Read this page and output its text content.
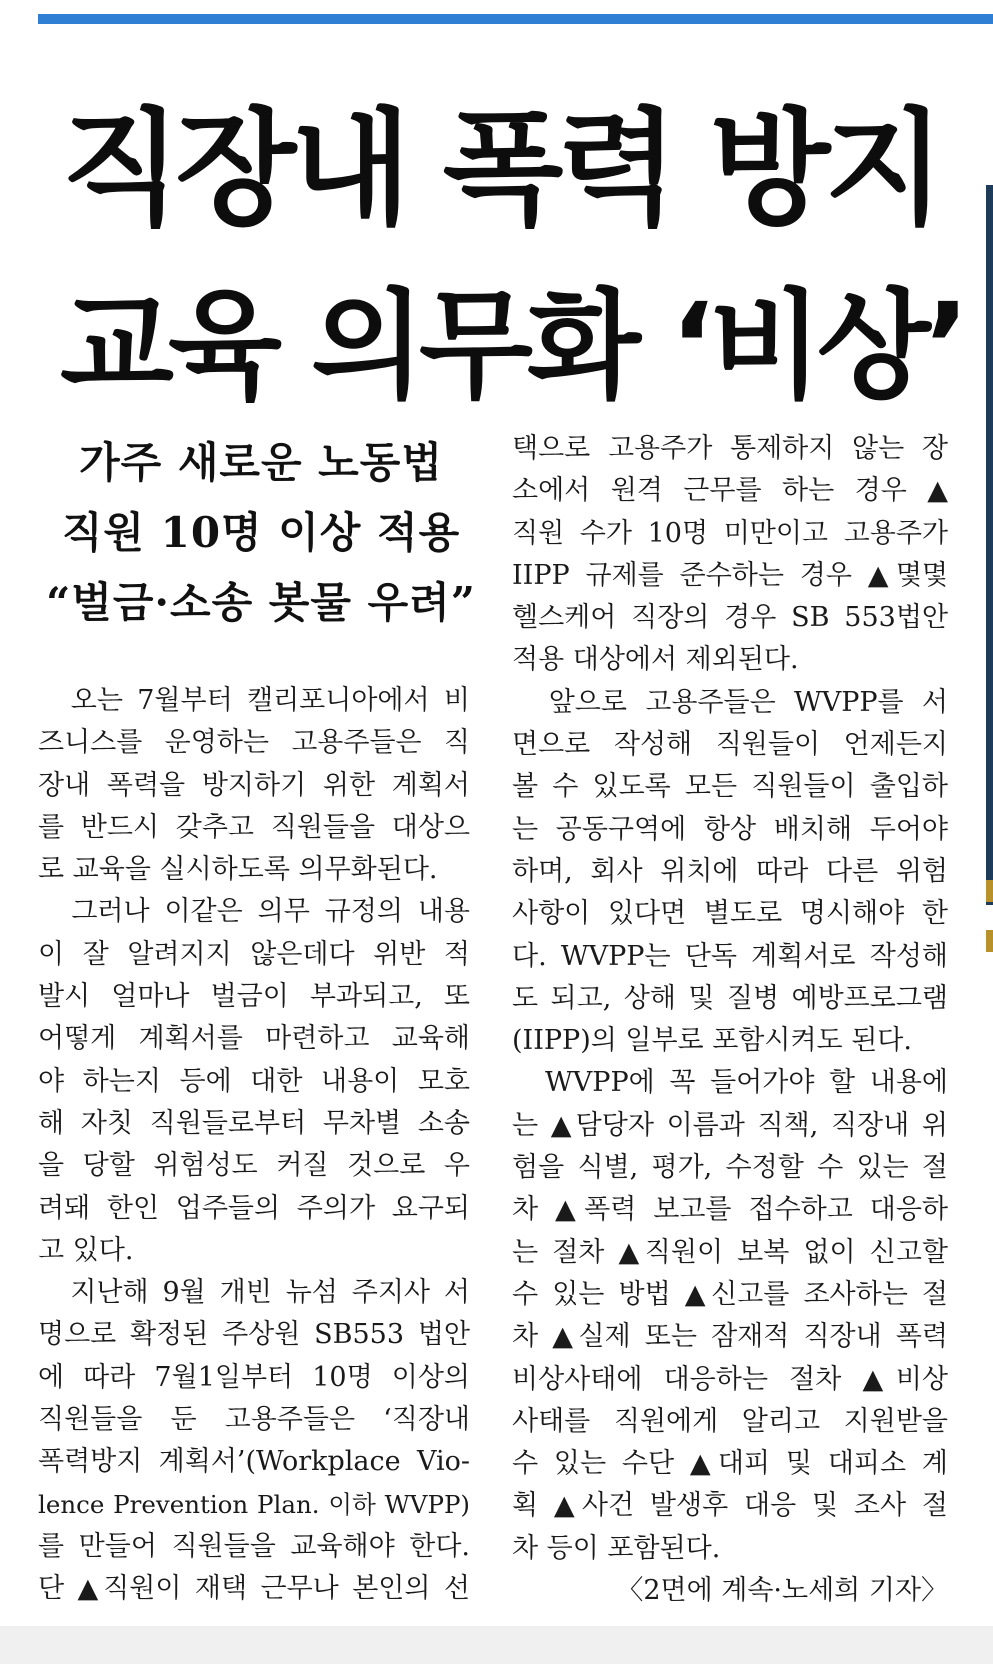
직장내 폭력 방지
교육 의무화 ‘비상’
가주 새로운 노동법
직원 10명 이상 적용
“벌금·소송 봇물 우려”
　오는 7월부터 캘리포니아에서 비
즈니스를 운영하는 고용주들은 직
장내 폭력을 방지하기 위한 계획서
를 반드시 갖추고 직원들을 대상으
로 교육을 실시하도록 의무화된다.
　그러나 이같은 의무 규정의 내용
이 잘 알려지지 않은데다 위반 적
발시 얼마나 벌금이 부과되고, 또
어떻게 계획서를 마련하고 교육해
야 하는지 등에 대한 내용이 모호
해 자칫 직원들로부터 무차별 소송
을 당할 위험성도 커질 것으로 우
려돼 한인 업주들의 주의가 요구되
고 있다.
　지난해 9월 개빈 뉴섬 주지사 서
명으로 확정된 주상원 SB553 법안
에 따라 7월1일부터 10명 이상의
직원들을 둔 고용주들은 ‘직장내
폭력방지 계획서’(Workplace Vio-
lence Prevention Plan. 이하 WVPP)
를 만들어 직원들을 교육해야 한다.
단 ▲직원이 재택 근무나 본인의 선
택으로 고용주가 통제하지 않는 장
소에서 원격 근무를 하는 경우 ▲
직원 수가 10명 미만이고 고용주가
IIPP 규제를 준수하는 경우 ▲몇몇
헬스케어 직장의 경우 SB 553법안
적용 대상에서 제외된다.
　앞으로 고용주들은 WVPP를 서
면으로 작성해 직원들이 언제든지
볼 수 있도록 모든 직원들이 출입하
는 공동구역에 항상 배치해 두어야
하며, 회사 위치에 따라 다른 위험
사항이 있다면 별도로 명시해야 한
다. WVPP는 단독 계획서로 작성해
도 되고, 상해 및 질병 예방프로그램
(IIPP)의 일부로 포함시켜도 된다.
　WVPP에 꼭 들어가야 할 내용에
는 ▲담당자 이름과 직책, 직장내 위
험을 식별, 평가, 수정할 수 있는 절
차 ▲폭력 보고를 접수하고 대응하
는 절차 ▲직원이 보복 없이 신고할
수 있는 방법 ▲신고를 조사하는 절
차 ▲실제 또는 잠재적 직장내 폭력
비상사태에 대응하는 절차 ▲비상
사태를 직원에게 알리고 지원받을
수 있는 수단 ▲대피 및 대피소 계
획 ▲사건 발생후 대응 및 조사 절
차 등이 포함된다.
〈2면에 계속·노세희 기자〉
